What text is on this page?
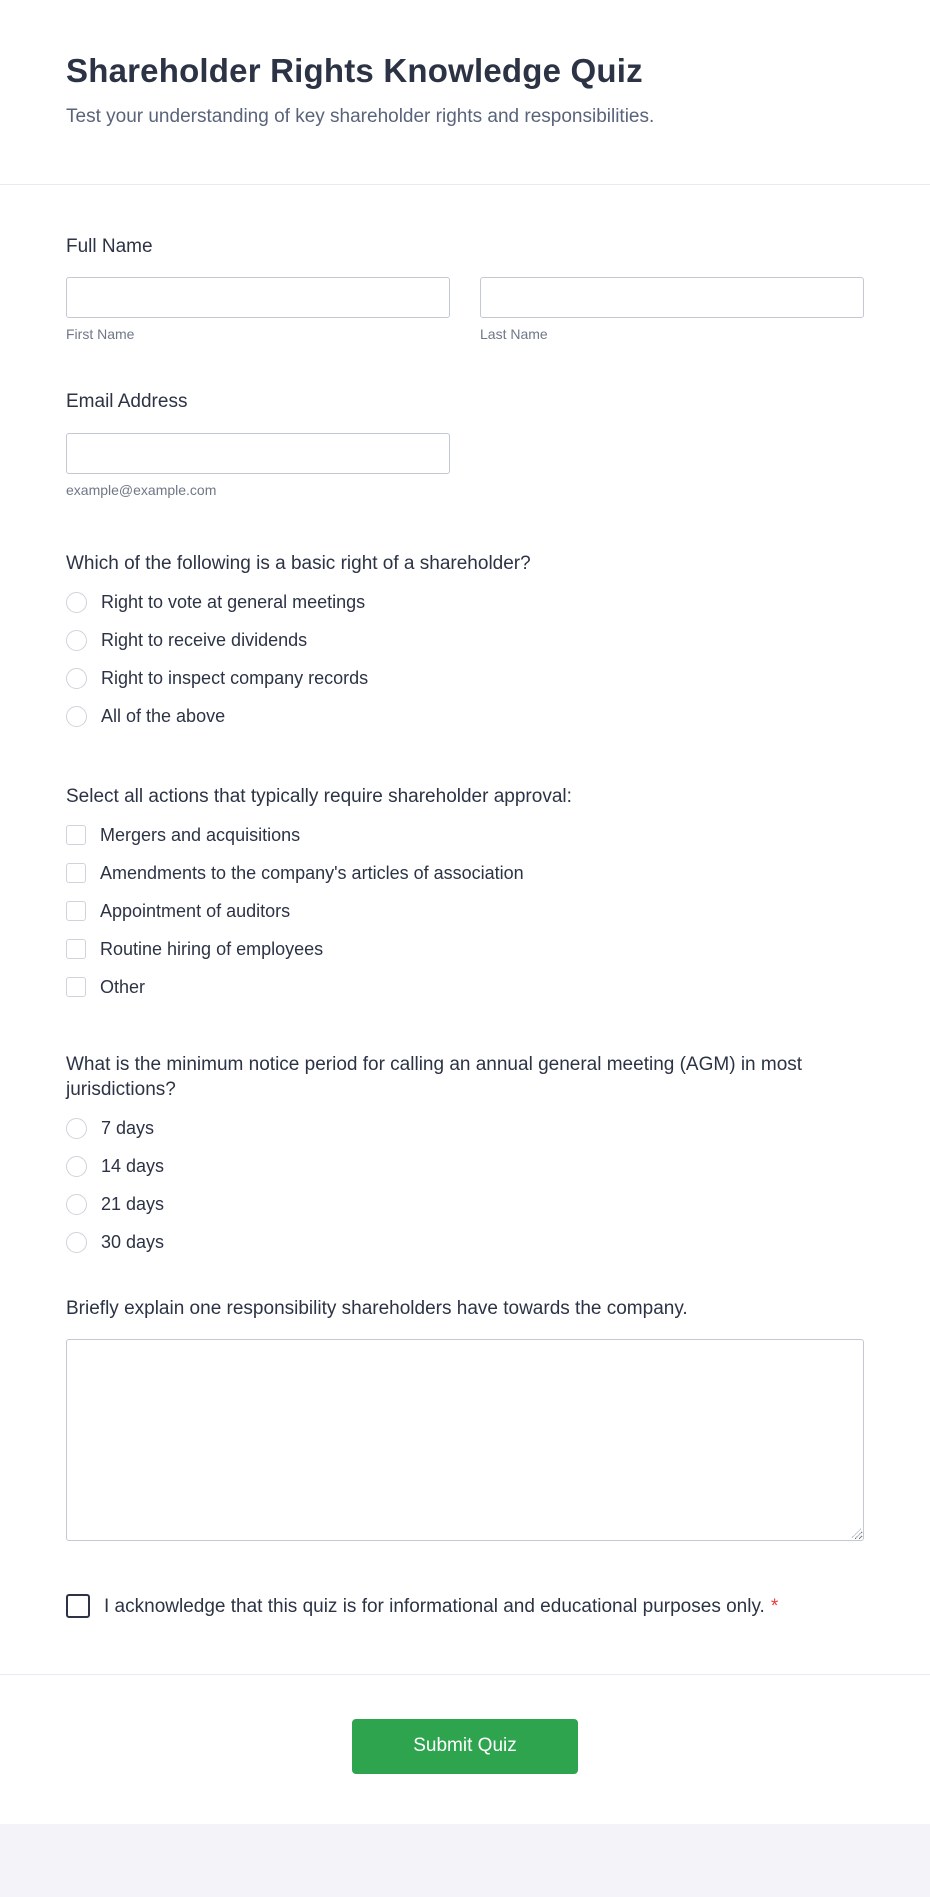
Shareholder Rights Knowledge Quiz

Test your understanding of key shareholder rights and responsibilities.

Full Name
First Name	Last Name
Email Address
example@example.com
Which of the following is a basic right of a shareholder?
Right to vote at general meetings
Right to receive dividends
Right to inspect company records
All of the above
Select all actions that typically require shareholder approval:
Mergers and acquisitions
Amendments to the company's articles of association
Appointment of auditors
Routine hiring of employees
Other
What is the minimum notice period for calling an annual general meeting (AGM) in most jurisdictions?
7 days
14 days
21 days
30 days
Briefly explain one responsibility shareholders have towards the company.
I acknowledge that this quiz is for informational and educational purposes only. *
Submit Quiz
